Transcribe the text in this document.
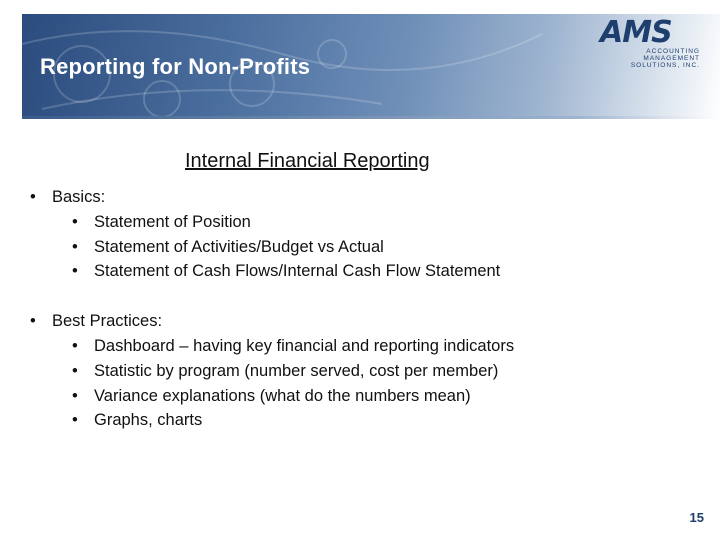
Reporting for Non-Profits
AMS
ACCOUNTING
MANAGEMENT
SOLUTIONS, INC.
Internal Financial Reporting
• Basics:
• Statement of Position
• Statement of Activities/Budget vs Actual
• Statement of Cash Flows/Internal Cash Flow Statement
• Best Practices:
• Dashboard – having key financial and reporting indicators
• Statistic by program (number served, cost per member)
• Variance explanations (what do the numbers mean)
• Graphs, charts
15
